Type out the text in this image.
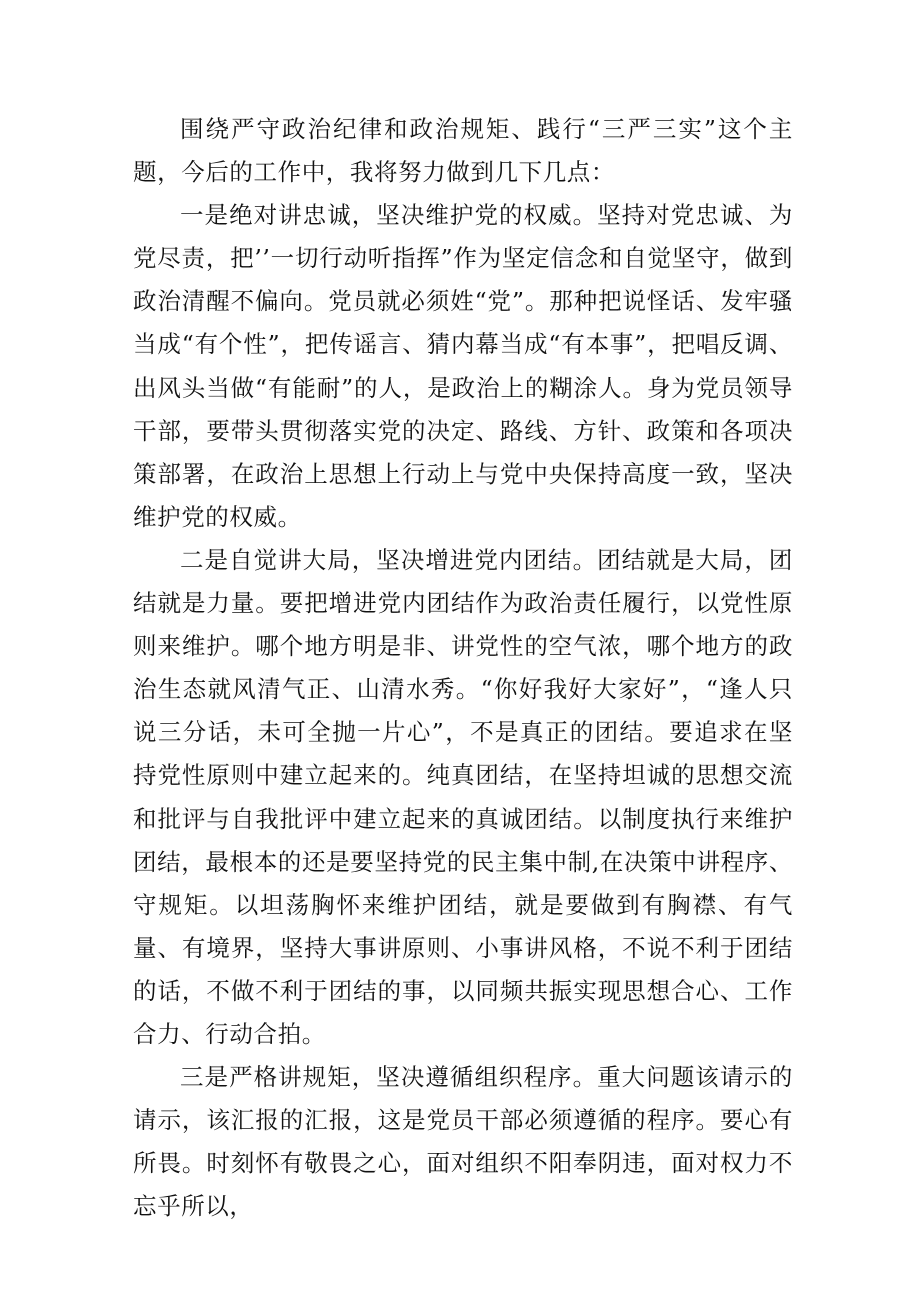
围绕严守政治纪律和政治规矩、践行“三严三实”这个主题，今后的工作中，我将努力做到几下几点：

一是绝对讲忠诚，坚决维护党的权威。坚持对党忠诚、为党尽责，把’’一切行动听指挥”作为坚定信念和自觉坚守，做到政治清醒不偏向。党员就必须姓“党”。那种把说怪话、发牢骚当成“有个性”，把传谣言、猜内幕当成“有本事”，把唱反调、出风头当做“有能耐”的人，是政治上的糊涂人。身为党员领导干部，要带头贯彻落实党的决定、路线、方针、政策和各项决策部署，在政治上思想上行动上与党中央保持高度一致，坚决维护党的权威。

二是自觉讲大局，坚决增进党内团结。团结就是大局，团结就是力量。要把增进党内团结作为政治责任履行，以党性原则来维护。哪个地方明是非、讲党性的空气浓，哪个地方的政治生态就风清气正、山清水秀。“你好我好大家好”，“逢人只说三分话，未可全抛一片心”，不是真正的团结。要追求在坚持党性原则中建立起来的。纯真团结，在坚持坦诚的思想交流和批评与自我批评中建立起来的真诚团结。以制度执行来维护团结，最根本的还是要坚持党的民主集中制,在决策中讲程序、守规矩。以坦荡胸怀来维护团结，就是要做到有胸襟、有气量、有境界，坚持大事讲原则、小事讲风格，不说不利于团结的话，不做不利于团结的事，以同频共振实现思想合心、工作合力、行动合拍。

三是严格讲规矩，坚决遵循组织程序。重大问题该请示的请示，该汇报的汇报，这是党员干部必须遵循的程序。要心有所畏。时刻怀有敬畏之心，面对组织不阳奉阴违，面对权力不忘乎所以，
